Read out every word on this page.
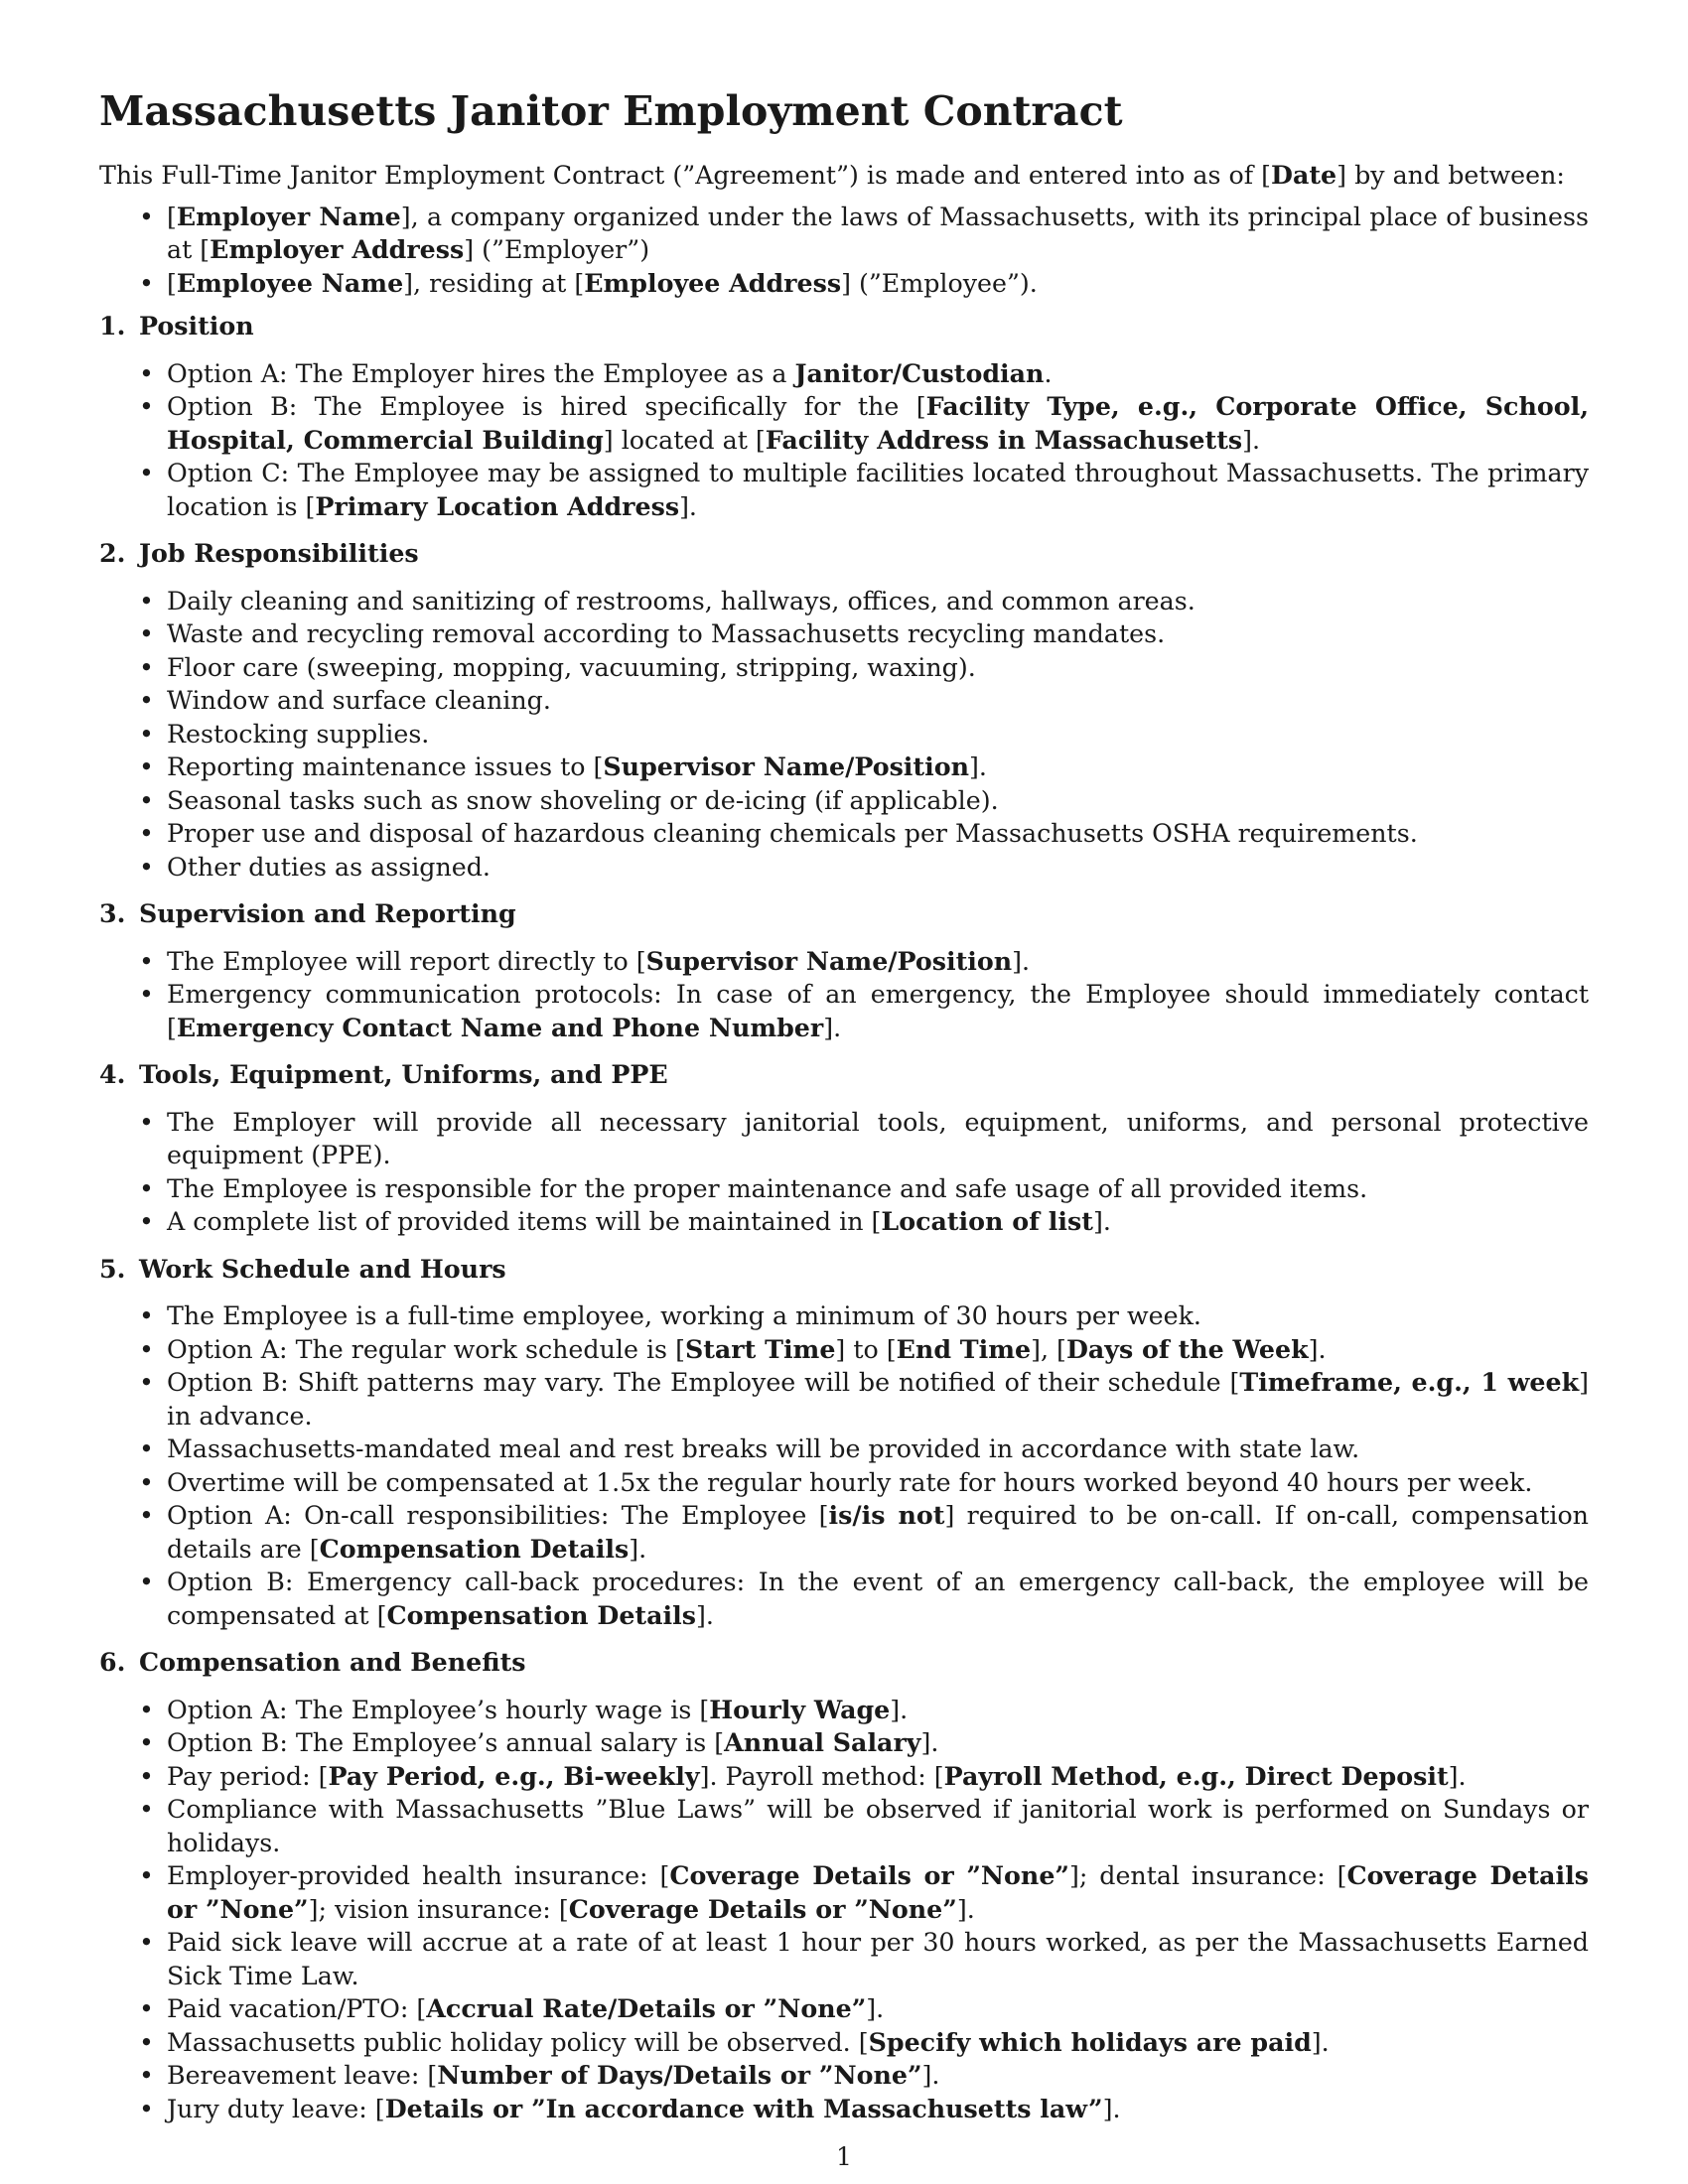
Massachusetts Janitor Employment Contract

This Full-Time Janitor Employment Contract (”Agreement”) is made and entered into as of [Date] by and between:

• [Employer Name], a company organized under the laws of Massachusetts, with its principal place of business at [Employer Address] (”Employer”)
• [Employee Name], residing at [Employee Address] (”Employee”).
1. Position
• Option A: The Employer hires the Employee as a Janitor/Custodian.
• Option B: The Employee is hired specifically for the [Facility Type, e.g., Corporate Office, School, Hospital, Commercial Building] located at [Facility Address in Massachusetts].
• Option C: The Employee may be assigned to multiple facilities located throughout Massachusetts. The primary location is [Primary Location Address].
2. Job Responsibilities
• Daily cleaning and sanitizing of restrooms, hallways, offices, and common areas.
• Waste and recycling removal according to Massachusetts recycling mandates.
• Floor care (sweeping, mopping, vacuuming, stripping, waxing).
• Window and surface cleaning.
• Restocking supplies.
• Reporting maintenance issues to [Supervisor Name/Position].
• Seasonal tasks such as snow shoveling or de-icing (if applicable).
• Proper use and disposal of hazardous cleaning chemicals per Massachusetts OSHA requirements.
• Other duties as assigned.
3. Supervision and Reporting
• The Employee will report directly to [Supervisor Name/Position].
• Emergency communication protocols: In case of an emergency, the Employee should immediately contact [Emergency Contact Name and Phone Number].
4. Tools, Equipment, Uniforms, and PPE
• The Employer will provide all necessary janitorial tools, equipment, uniforms, and personal protective equipment (PPE).
• The Employee is responsible for the proper maintenance and safe usage of all provided items.
• A complete list of provided items will be maintained in [Location of list].
5. Work Schedule and Hours
• The Employee is a full-time employee, working a minimum of 30 hours per week.
• Option A: The regular work schedule is [Start Time] to [End Time], [Days of the Week].
• Option B: Shift patterns may vary. The Employee will be notified of their schedule [Timeframe, e.g., 1 week] in advance.
• Massachusetts-mandated meal and rest breaks will be provided in accordance with state law.
• Overtime will be compensated at 1.5x the regular hourly rate for hours worked beyond 40 hours per week.
• Option A: On-call responsibilities: The Employee [is/is not] required to be on-call. If on-call, compensation details are [Compensation Details].
• Option B: Emergency call-back procedures: In the event of an emergency call-back, the employee will be compensated at [Compensation Details].
6. Compensation and Benefits
• Option A: The Employee’s hourly wage is [Hourly Wage].
• Option B: The Employee’s annual salary is [Annual Salary].
• Pay period: [Pay Period, e.g., Bi-weekly]. Payroll method: [Payroll Method, e.g., Direct Deposit].
• Compliance with Massachusetts ”Blue Laws” will be observed if janitorial work is performed on Sundays or holidays.
• Employer-provided health insurance: [Coverage Details or ”None”]; dental insurance: [Coverage Details or ”None”]; vision insurance: [Coverage Details or ”None”].
• Paid sick leave will accrue at a rate of at least 1 hour per 30 hours worked, as per the Massachusetts Earned Sick Time Law.
• Paid vacation/PTO: [Accrual Rate/Details or ”None”].
• Massachusetts public holiday policy will be observed. [Specify which holidays are paid].
• Bereavement leave: [Number of Days/Details or ”None”].
• Jury duty leave: [Details or ”In accordance with Massachusetts law”].
1
